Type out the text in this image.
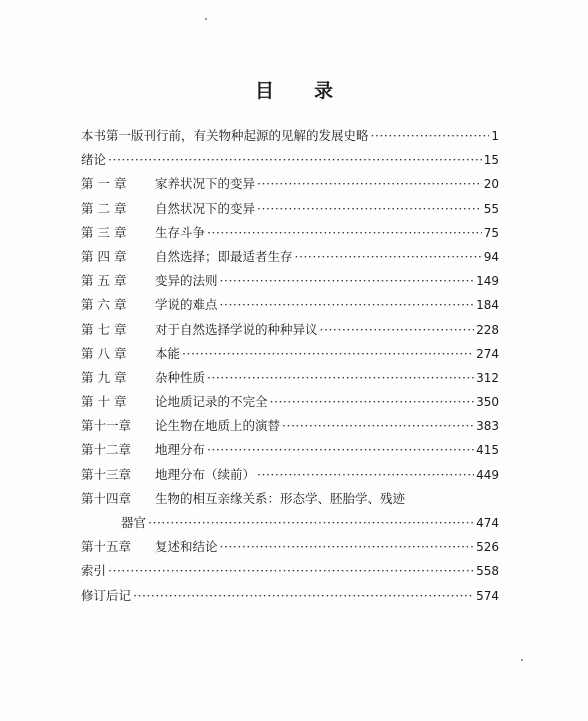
目 录
本书第一版刊行前，有关物种起源的见解的发展史略 ·····	1
绪论 ·····	15
第 一 章	家养状况下的变异 ·····	20
第 二 章	自然状况下的变异 ·····	55
第 三 章	生存斗争 ·····	75
第 四 章	自然选择；即最适者生存 ·····	94
第 五 章	变异的法则 ·····	149
第 六 章	学说的难点 ·····	184
第 七 章	对于自然选择学说的种种异议 ·····	228
第 八 章	本能 ·····	274
第 九 章	杂种性质 ·····	312
第 十 章	论地质记录的不完全 ·····	350
第十一章	论生物在地质上的演替 ·····	383
第十二章	地理分布 ·····	415
第十三章	地理分布（续前） ·····	449
第十四章	生物的相互亲缘关系：形态学、胚胎学、残迹
器官 ·····	474
第十五章	复述和结论 ·····	526
索引 ·····	558
修订后记 ·····	574
